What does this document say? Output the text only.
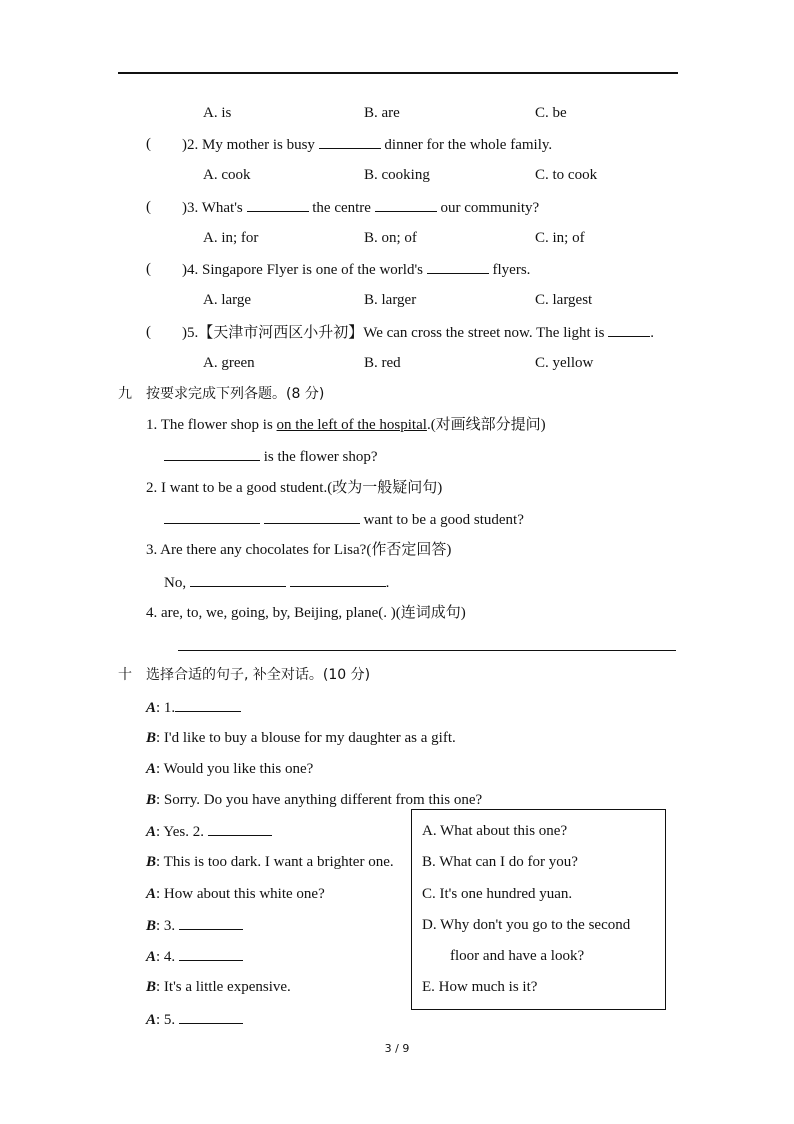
A. is	B. are	C. be
( )2. My mother is busy	dinner for the whole family.
A. cook	B. cooking	C. to cook
( )3. What's	the centre	our community?
A. in; for	B. on; of	C. in; of
( )4. Singapore Flyer is one of the world's	flyers.
A. large	B. larger	C. largest
( )5.【天津市河西区小升初】We can cross the street now. The light is	.
A. green	B. red	C. yellow
九　按要求完成下列各题。(8 分)
1. The flower shop is on the left of the hospital.(对画线部分提问)
is the flower shop?
2. I want to be a good student.(改为一般疑问句)
want to be a good student?
3. Are there any chocolates for Lisa?(作否定回答)
No,	.
4. are, to, we, going, by, Beijing, plane(. )(连词成句)
十　选择合适的句子, 补全对话。(10 分)
A: 1.
B: I'd like to buy a blouse for my daughter as a gift.
A: Would you like this one?
B: Sorry. Do you have anything different from this one?
A: Yes. 2.
B: This is too dark. I want a brighter one.
A: How about this white one?
B: 3.
A: 4.
B: It's a little expensive.
A: 5.
A. What about this one?
B. What can I do for you?
C. It's one hundred yuan.
D. Why don't you go to the second
floor and have a look?
E. How much is it?
3 / 9
